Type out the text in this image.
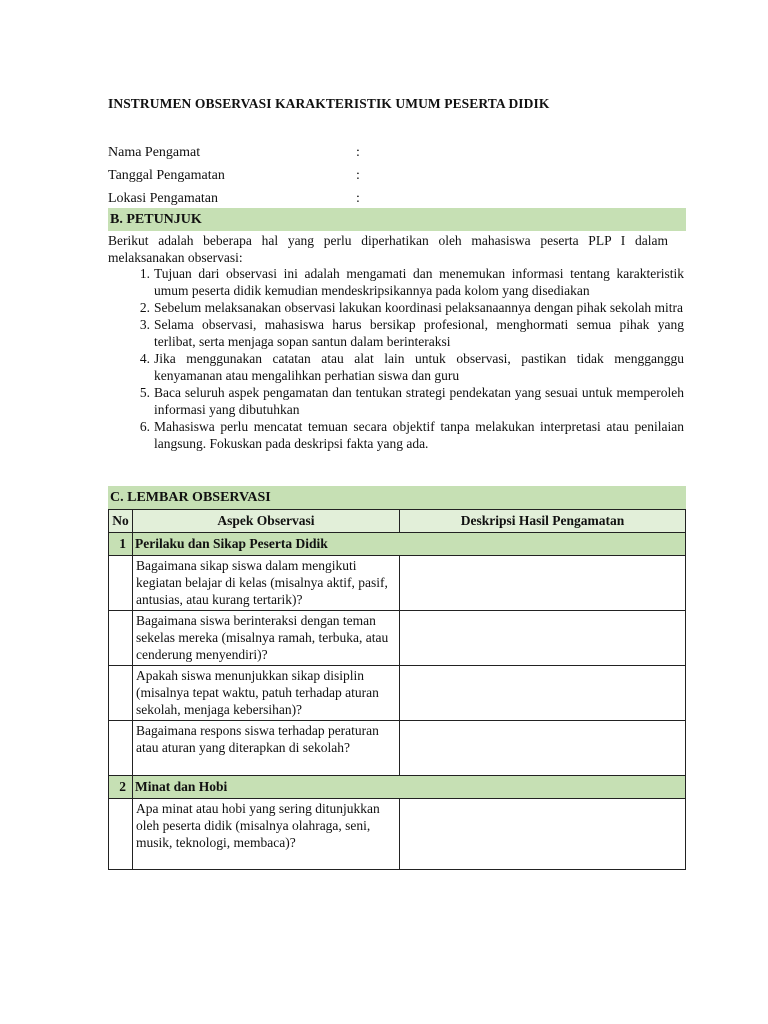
INSTRUMEN OBSERVASI KARAKTERISTIK UMUM PESERTA DIDIK
Nama Pengamat	:
Tanggal Pengamatan	:
Lokasi Pengamatan	:
B. PETUNJUK
Berikut adalah beberapa hal yang perlu diperhatikan oleh mahasiswa peserta PLP I dalam melaksanakan observasi:
1. Tujuan dari observasi ini adalah mengamati dan menemukan informasi tentang karakteristik umum peserta didik kemudian mendeskripsikannya pada kolom yang disediakan
2. Sebelum melaksanakan observasi lakukan koordinasi pelaksanaannya dengan pihak sekolah mitra
3. Selama observasi, mahasiswa harus bersikap profesional, menghormati semua pihak yang terlibat, serta menjaga sopan santun dalam berinteraksi
4. Jika menggunakan catatan atau alat lain untuk observasi, pastikan tidak mengganggu kenyamanan atau mengalihkan perhatian siswa dan guru
5. Baca seluruh aspek pengamatan dan tentukan strategi pendekatan yang sesuai untuk memperoleh informasi yang dibutuhkan
6. Mahasiswa perlu mencatat temuan secara objektif tanpa melakukan interpretasi atau penilaian langsung. Fokuskan pada deskripsi fakta yang ada.
C. LEMBAR OBSERVASI
No	Aspek Observasi	Deskripsi Hasil Pengamatan
1	Perilaku dan Sikap Peserta Didik	
	Bagaimana sikap siswa dalam mengikuti kegiatan belajar di kelas (misalnya aktif, pasif, antusias, atau kurang tertarik)?	
	Bagaimana siswa berinteraksi dengan teman sekelas mereka (misalnya ramah, terbuka, atau cenderung menyendiri)?	
	Apakah siswa menunjukkan sikap disiplin (misalnya tepat waktu, patuh terhadap aturan sekolah, menjaga kebersihan)?	
	Bagaimana respons siswa terhadap peraturan atau aturan yang diterapkan di sekolah?	
2	Minat dan Hobi	
	Apa minat atau hobi yang sering ditunjukkan oleh peserta didik (misalnya olahraga, seni, musik, teknologi, membaca)?	
